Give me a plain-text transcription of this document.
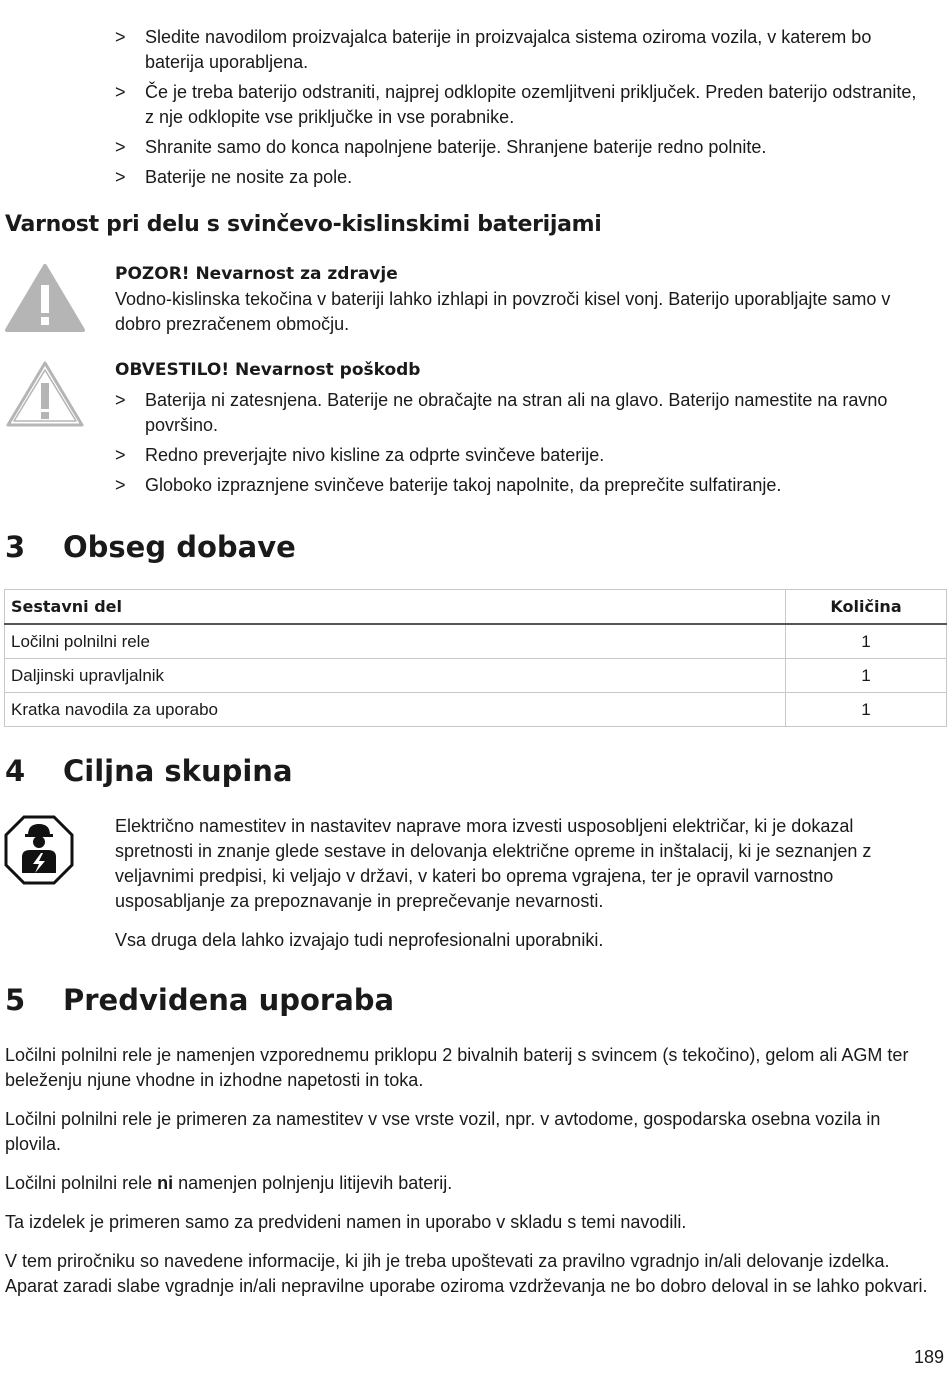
> Sledite navodilom proizvajalca baterije in proizvajalca sistema oziroma vozila, v katerem bo baterija uporabljena.
> Če je treba baterijo odstraniti, najprej odklopite ozemljitveni priključek. Preden baterijo odstranite, z nje odklopite vse priključke in vse porabnike.
> Shranite samo do konca napolnjene baterije. Shranjene baterije redno polnite.
> Baterije ne nosite za pole.
Varnost pri delu s svinčevo-kislinskimi baterijami
POZOR! Nevarnost za zdravje
Vodno-kislinska tekočina v bateriji lahko izhlapi in povzroči kisel vonj. Baterijo uporabljajte samo v dobro prezračenem območju.
OBVESTILO! Nevarnost poškodb
> Baterija ni zatesnjena. Baterije ne obračajte na stran ali na glavo. Baterijo namestite na ravno površino.
> Redno preverjajte nivo kisline za odprte svinčeve baterije.
> Globoko izpraznjene svinčeve baterije takoj napolnite, da preprečite sulfatiranje.
3 Obseg dobave
Sestavni del	Količina
Ločilni polnilni rele	1
Daljinski upravljalnik	1
Kratka navodila za uporabo	1
4 Ciljna skupina
Električno namestitev in nastavitev naprave mora izvesti usposobljeni električar, ki je dokazal spretnosti in znanje glede sestave in delovanja električne opreme in inštalacij, ki je seznanjen z veljavnimi predpisi, ki veljajo v državi, v kateri bo oprema vgrajena, ter je opravil varnostno usposabljanje za prepoznavanje in preprečevanje nevarnosti.
Vsa druga dela lahko izvajajo tudi neprofesionalni uporabniki.
5 Predvidena uporaba
Ločilni polnilni rele je namenjen vzporednemu priklopu 2 bivalnih baterij s svincem (s tekočino), gelom ali AGM ter beleženju njune vhodne in izhodne napetosti in toka.
Ločilni polnilni rele je primeren za namestitev v vse vrste vozil, npr. v avtodome, gospodarska osebna vozila in plovila.
Ločilni polnilni rele ni namenjen polnjenju litijevih baterij.
Ta izdelek je primeren samo za predvideni namen in uporabo v skladu s temi navodili.
V tem priročniku so navedene informacije, ki jih je treba upoštevati za pravilno vgradnjo in/ali delovanje izdelka. Aparat zaradi slabe vgradnje in/ali nepravilne uporabe oziroma vzdrževanja ne bo dobro deloval in se lahko pokvari.
189
